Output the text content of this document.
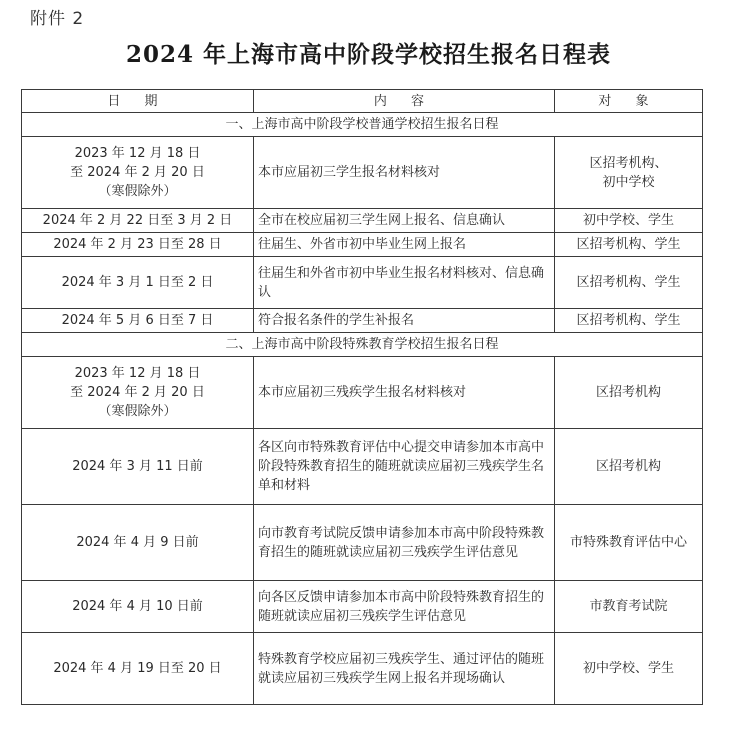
附件 2
2024 年上海市高中阶段学校招生报名日程表
日 期	内 容	对 象
一、上海市高中阶段学校普通学校招生报名日程		

2023 年 12 月 18 日
至 2024 年 2 月 20 日
（寒假除外）	本市应届初三学生报名材料核对	区招考机构、
初中学校

2024 年 2 月 22 日至 3 月 2 日	全市在校应届初三学生网上报名、信息确认	初中学校、学生
2024 年 2 月 23 日至 28 日	往届生、外省市初中毕业生网上报名	区招考机构、学生
2024 年 3 月 1 日至 2 日	往届生和外省市初中毕业生报名材料核对、信息确认	区招考机构、学生
2024 年 5 月 6 日至 7 日	符合报名条件的学生补报名	区招考机构、学生
二、上海市高中阶段特殊教育学校招生报名日程		

2023 年 12 月 18 日
至 2024 年 2 月 20 日
（寒假除外）	本市应届初三残疾学生报名材料核对	区招考机构
2024 年 3 月 11 日前	各区向市特殊教育评估中心提交申请参加本市高中阶段特殊教育招生的随班就读应届初三残疾学生名单和材料	区招考机构
2024 年 4 月 9 日前	向市教育考试院反馈申请参加本市高中阶段特殊教育招生的随班就读应届初三残疾学生评估意见	市特殊教育评估中心
2024 年 4 月 10 日前	向各区反馈申请参加本市高中阶段特殊教育招生的随班就读应届初三残疾学生评估意见	市教育考试院
2024 年 4 月 19 日至 20 日	特殊教育学校应届初三残疾学生、通过评估的随班就读应届初三残疾学生网上报名并现场确认	初中学校、学生
